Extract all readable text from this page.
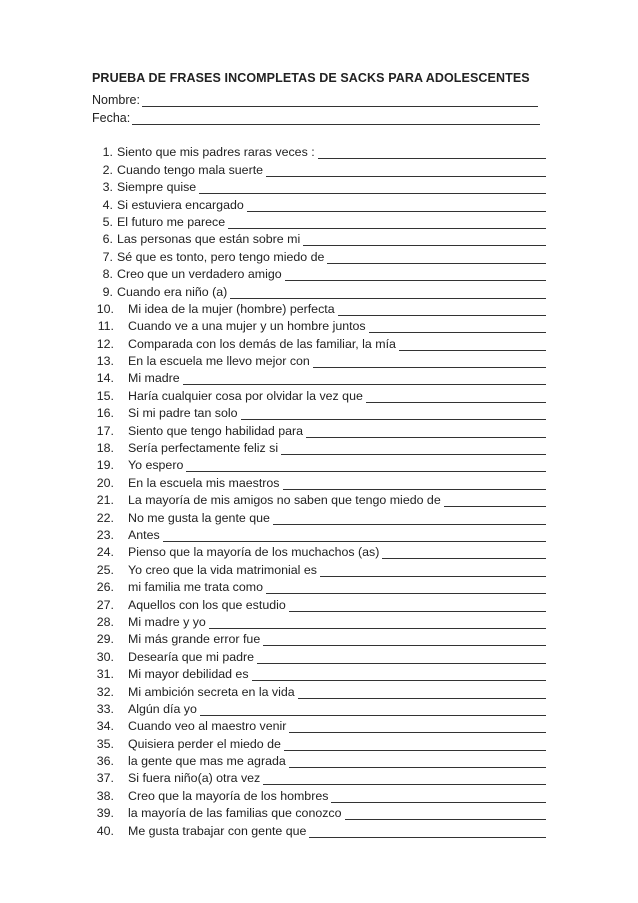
PRUEBA DE FRASES INCOMPLETAS DE SACKS PARA ADOLESCENTES
Nombre:
Fecha:
1. Siento que mis padres raras veces :
2. Cuando tengo mala suerte
3. Siempre quise
4. Si estuviera encargado
5. El futuro me parece
6. Las personas que están sobre mi
7. Sé que es tonto, pero tengo miedo de
8. Creo que un verdadero amigo
9. Cuando era niño (a)
10. Mi idea de la mujer (hombre) perfecta
11. Cuando ve a una mujer y un hombre juntos
12. Comparada con los demás de las familiar, la mía
13. En la escuela me llevo mejor con
14. Mi madre
15. Haría cualquier cosa por olvidar la vez que
16. Si mi padre tan solo
17. Siento que tengo habilidad para
18. Sería perfectamente feliz si
19. Yo espero
20. En la escuela mis maestros
21. La mayoría de mis amigos no saben que tengo miedo de
22. No me gusta la gente que
23. Antes
24. Pienso que la mayoría de los muchachos (as)
25. Yo creo que la vida matrimonial es
26. mi familia me trata como
27. Aquellos con los que estudio
28. Mi madre y yo
29. Mi más grande error fue
30. Desearía que mi padre
31. Mi mayor debilidad es
32. Mi ambición secreta en la vida
33. Algún día yo
34. Cuando veo al maestro venir
35. Quisiera perder el miedo de
36. la gente que mas me agrada
37. Si fuera niño(a) otra vez
38. Creo que la mayoría de los hombres
39. la mayoría de las familias que conozco
40. Me gusta trabajar con gente que
